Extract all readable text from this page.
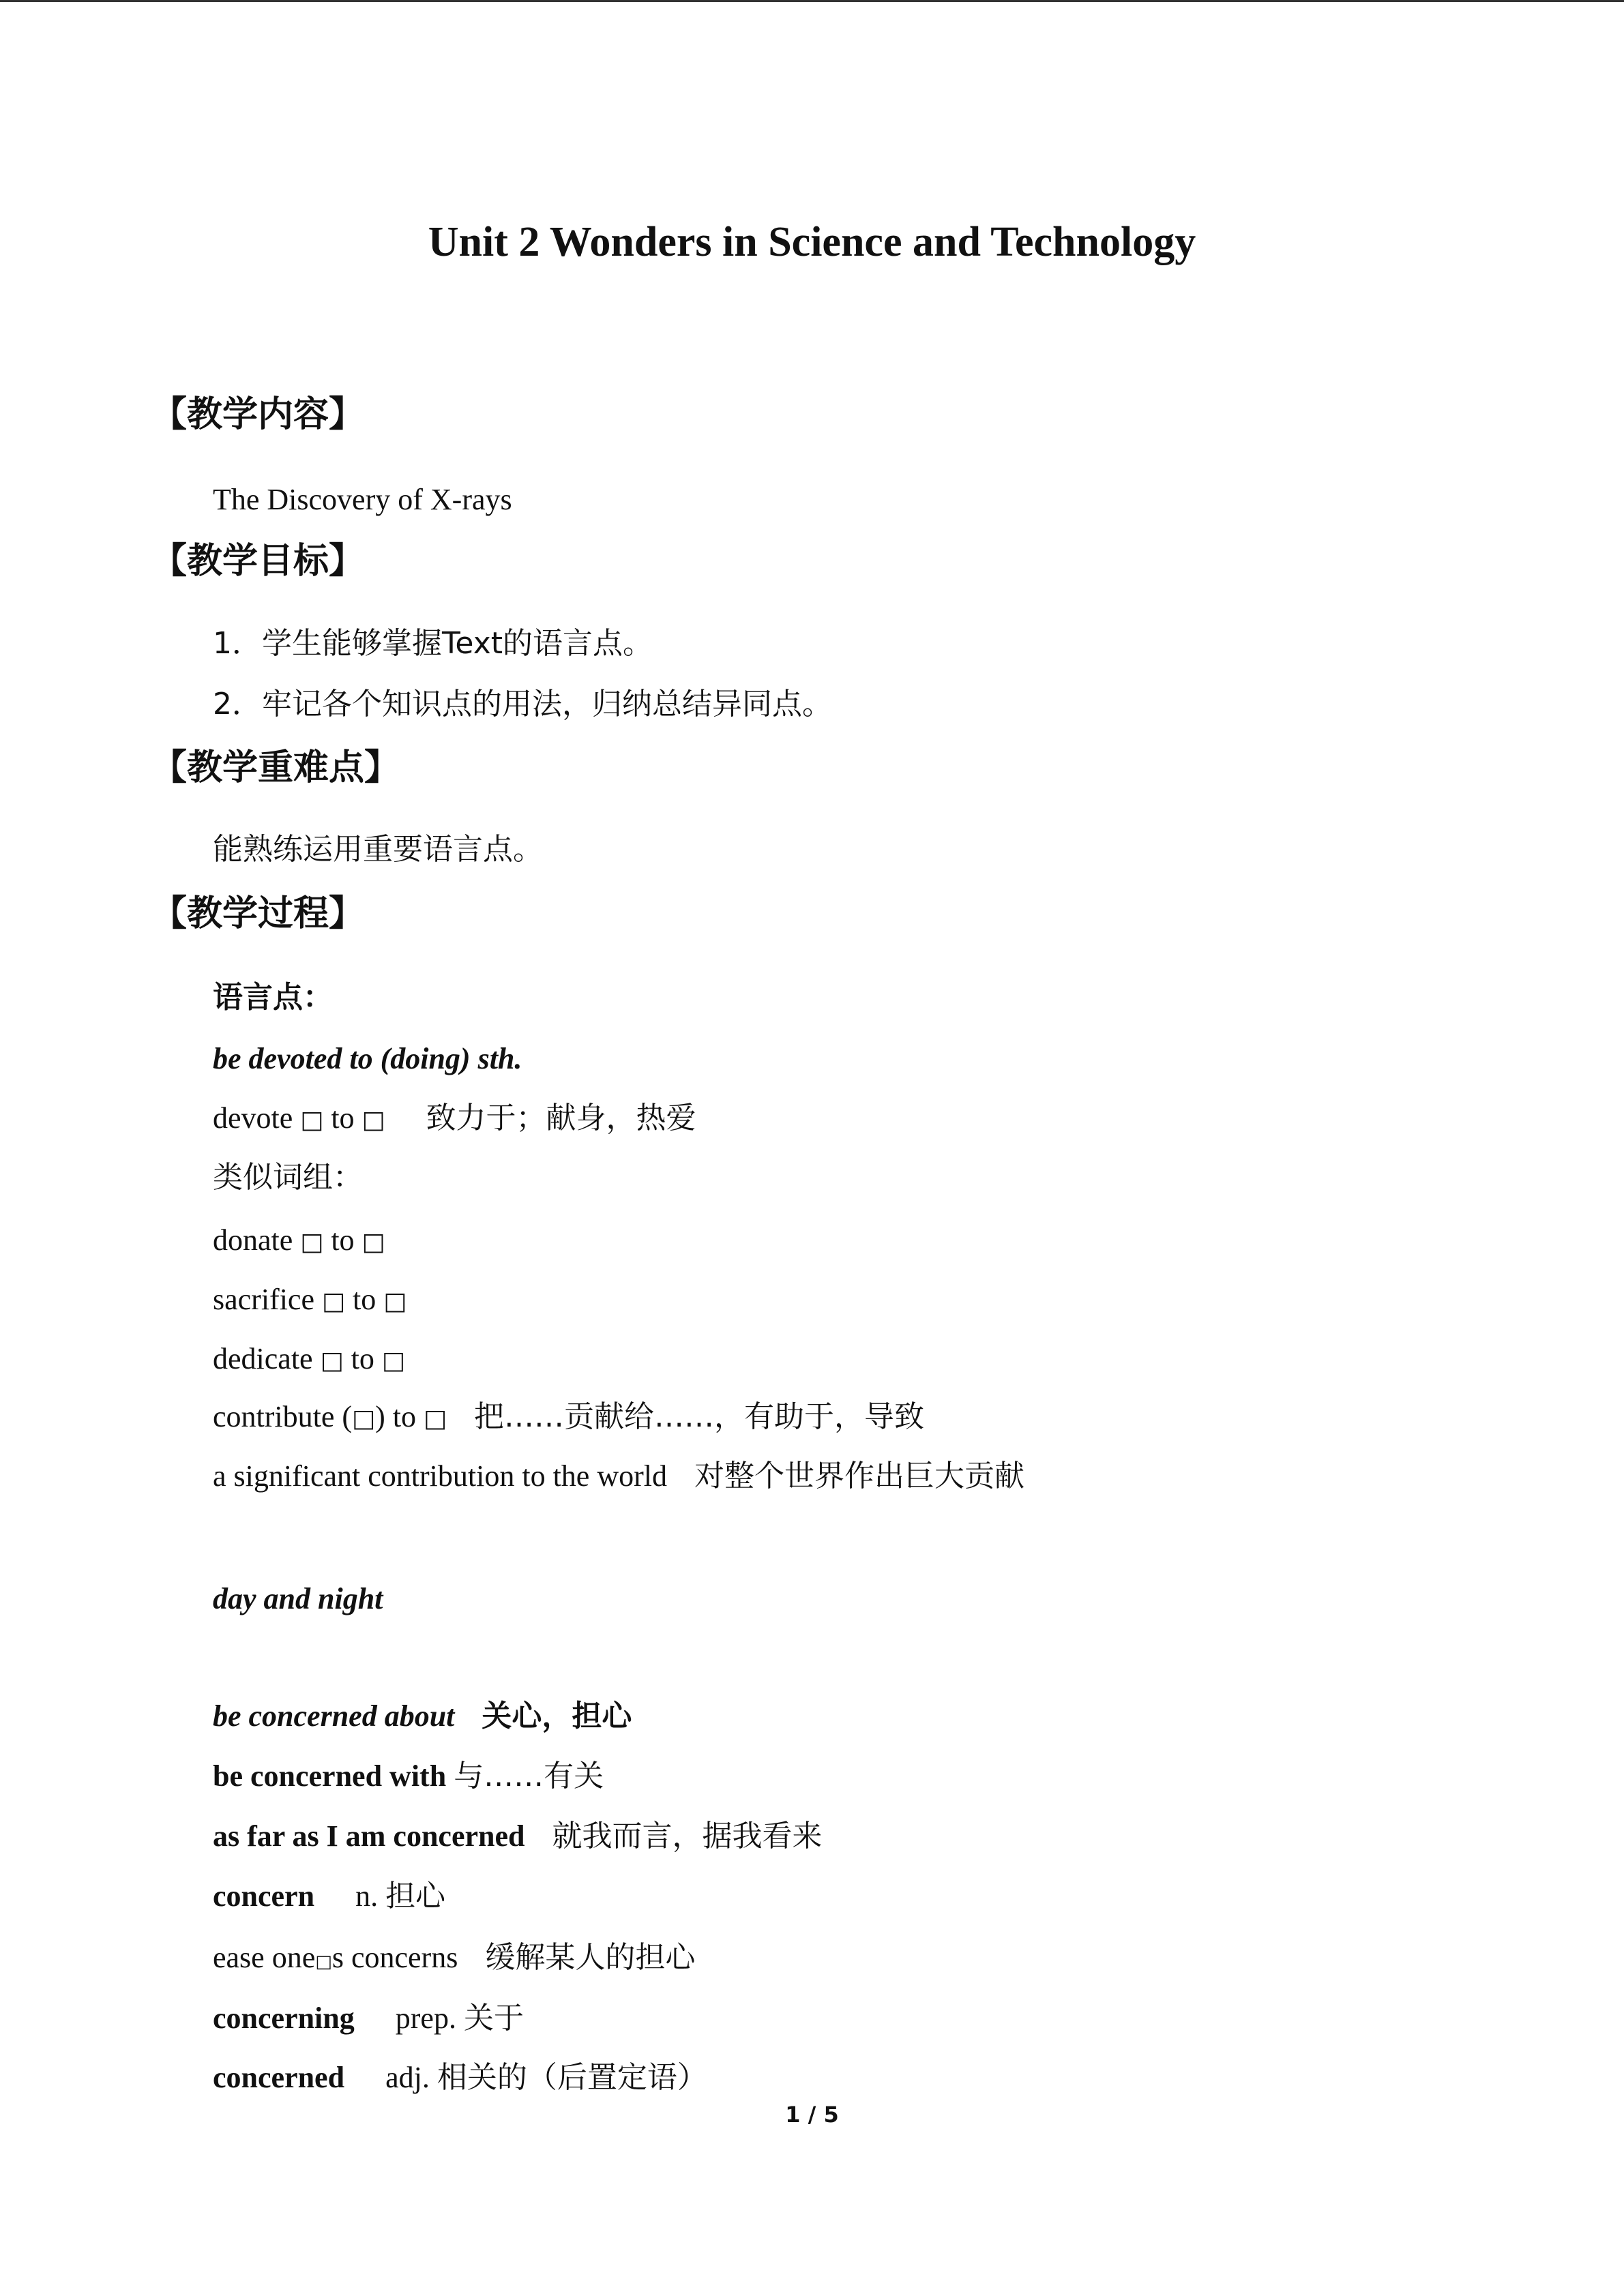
Unit 2 Wonders in Science and Technology
【教学内容】

The Discovery of X-rays

【教学目标】

1．学生能够掌握Text的语言点。

2．牢记各个知识点的用法，归纳总结异同点。

【教学重难点】

能熟练运用重要语言点。

【教学过程】

语言点：

be devoted to (doing) sth.

devote □ to □ 致力于；献身，热爱

类似词组：

donate □ to □

sacrifice □ to □

dedicate □ to □

contribute (□) to □ 把……贡献给……，有助于，导致

a significant contribution to the world 对整个世界作出巨大贡献

day and night

be concerned about 关心，担心

be concerned with 与……有关

as far as I am concerned 就我而言，据我看来

concern n. 担心

ease one□s concerns 缓解某人的担心

concerning prep. 关于

concerned adj. 相关的（后置定语）

1 / 5
